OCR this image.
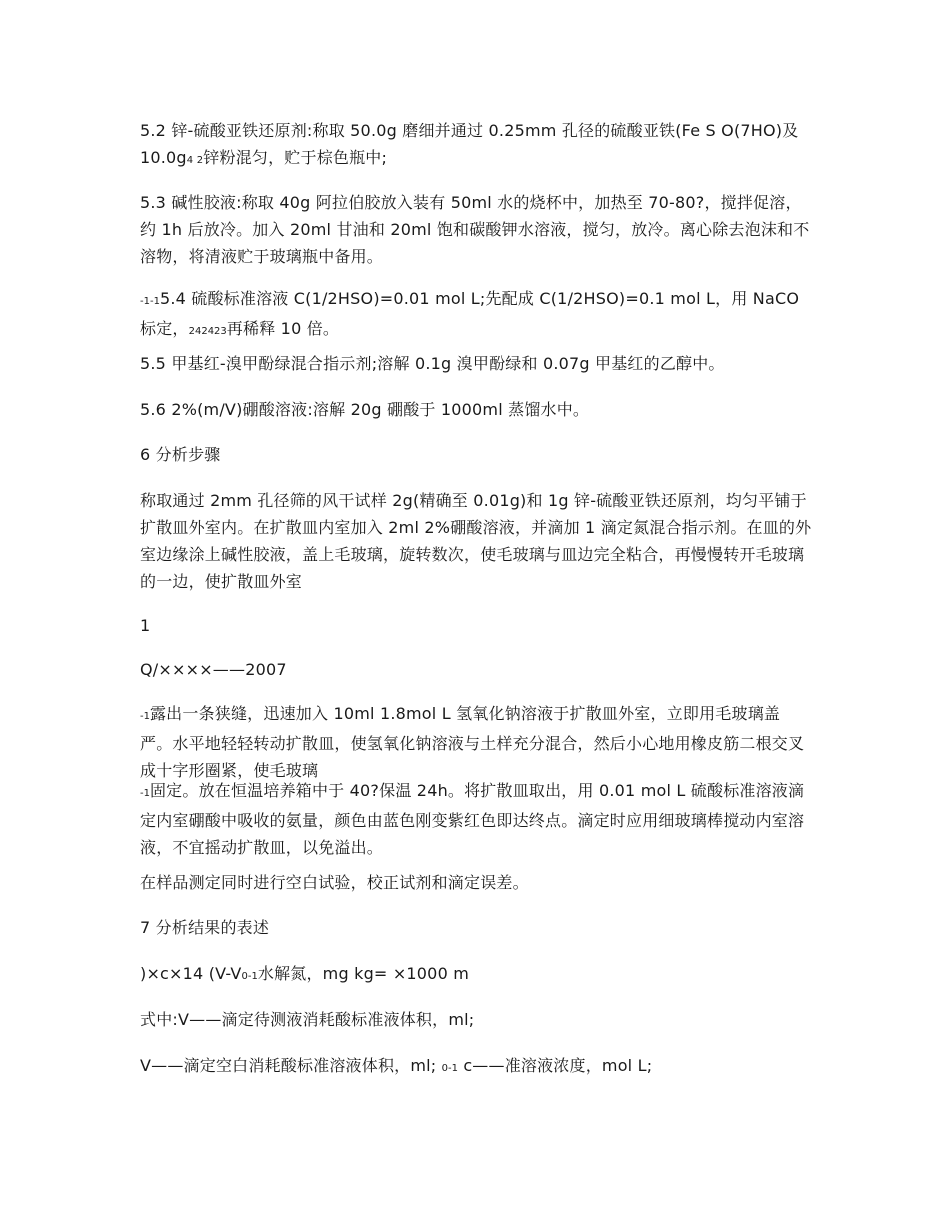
5.2 锌-硫酸亚铁还原剂:称取 50.0g 磨细并通过 0.25mm 孔径的硫酸亚铁(Fe S O(7HO)及 10.0g4 2锌粉混匀，贮于棕色瓶中;

5.3 碱性胶液:称取 40g 阿拉伯胶放入装有 50ml 水的烧杯中，加热至 70-80?，搅拌促溶，约 1h 后放冷。加入 20ml 甘油和 20ml 饱和碳酸钾水溶液，搅匀，放冷。离心除去泡沫和不溶物，将清液贮于玻璃瓶中备用。

-1-15.4 硫酸标准溶液 C(1/2HSO)=0.01 mol L;先配成 C(1/2HSO)=0.1 mol L，用 NaCO 标定，242423再稀释 10 倍。

5.5 甲基红-溴甲酚绿混合指示剂;溶解 0.1g 溴甲酚绿和 0.07g 甲基红的乙醇中。

5.6 2%(m/V)硼酸溶液:溶解 20g 硼酸于 1000ml 蒸馏水中。

6 分析步骤

称取通过 2mm 孔径筛的风干试样 2g(精确至 0.01g)和 1g 锌-硫酸亚铁还原剂，均匀平铺于扩散皿外室内。在扩散皿内室加入 2ml 2%硼酸溶液，并滴加 1 滴定氮混合指示剂。在皿的外室边缘涂上碱性胶液，盖上毛玻璃，旋转数次，使毛玻璃与皿边完全粘合，再慢慢转开毛玻璃的一边，使扩散皿外室

1

Q/××××——2007

-1露出一条狭缝，迅速加入 10ml 1.8mol L 氢氧化钠溶液于扩散皿外室，立即用毛玻璃盖严。水平地轻轻转动扩散皿，使氢氧化钠溶液与土样充分混合，然后小心地用橡皮筋二根交叉成十字形圈紧，使毛玻璃

-1固定。放在恒温培养箱中于 40?保温 24h。将扩散皿取出，用 0.01 mol L 硫酸标准溶液滴定内室硼酸中吸收的氨量，颜色由蓝色刚变紫红色即达终点。滴定时应用细玻璃棒搅动内室溶液，不宜摇动扩散皿，以免溢出。

在样品测定同时进行空白试验，校正试剂和滴定误差。

7 分析结果的表述

)×c×14 (V-V0-1水解氮，mg kg= ×1000 m

式中:V——滴定待测液消耗酸标准液体积，ml;

V——滴定空白消耗酸标准溶液体积，ml; 0-1 c——准溶液浓度，mol L;
